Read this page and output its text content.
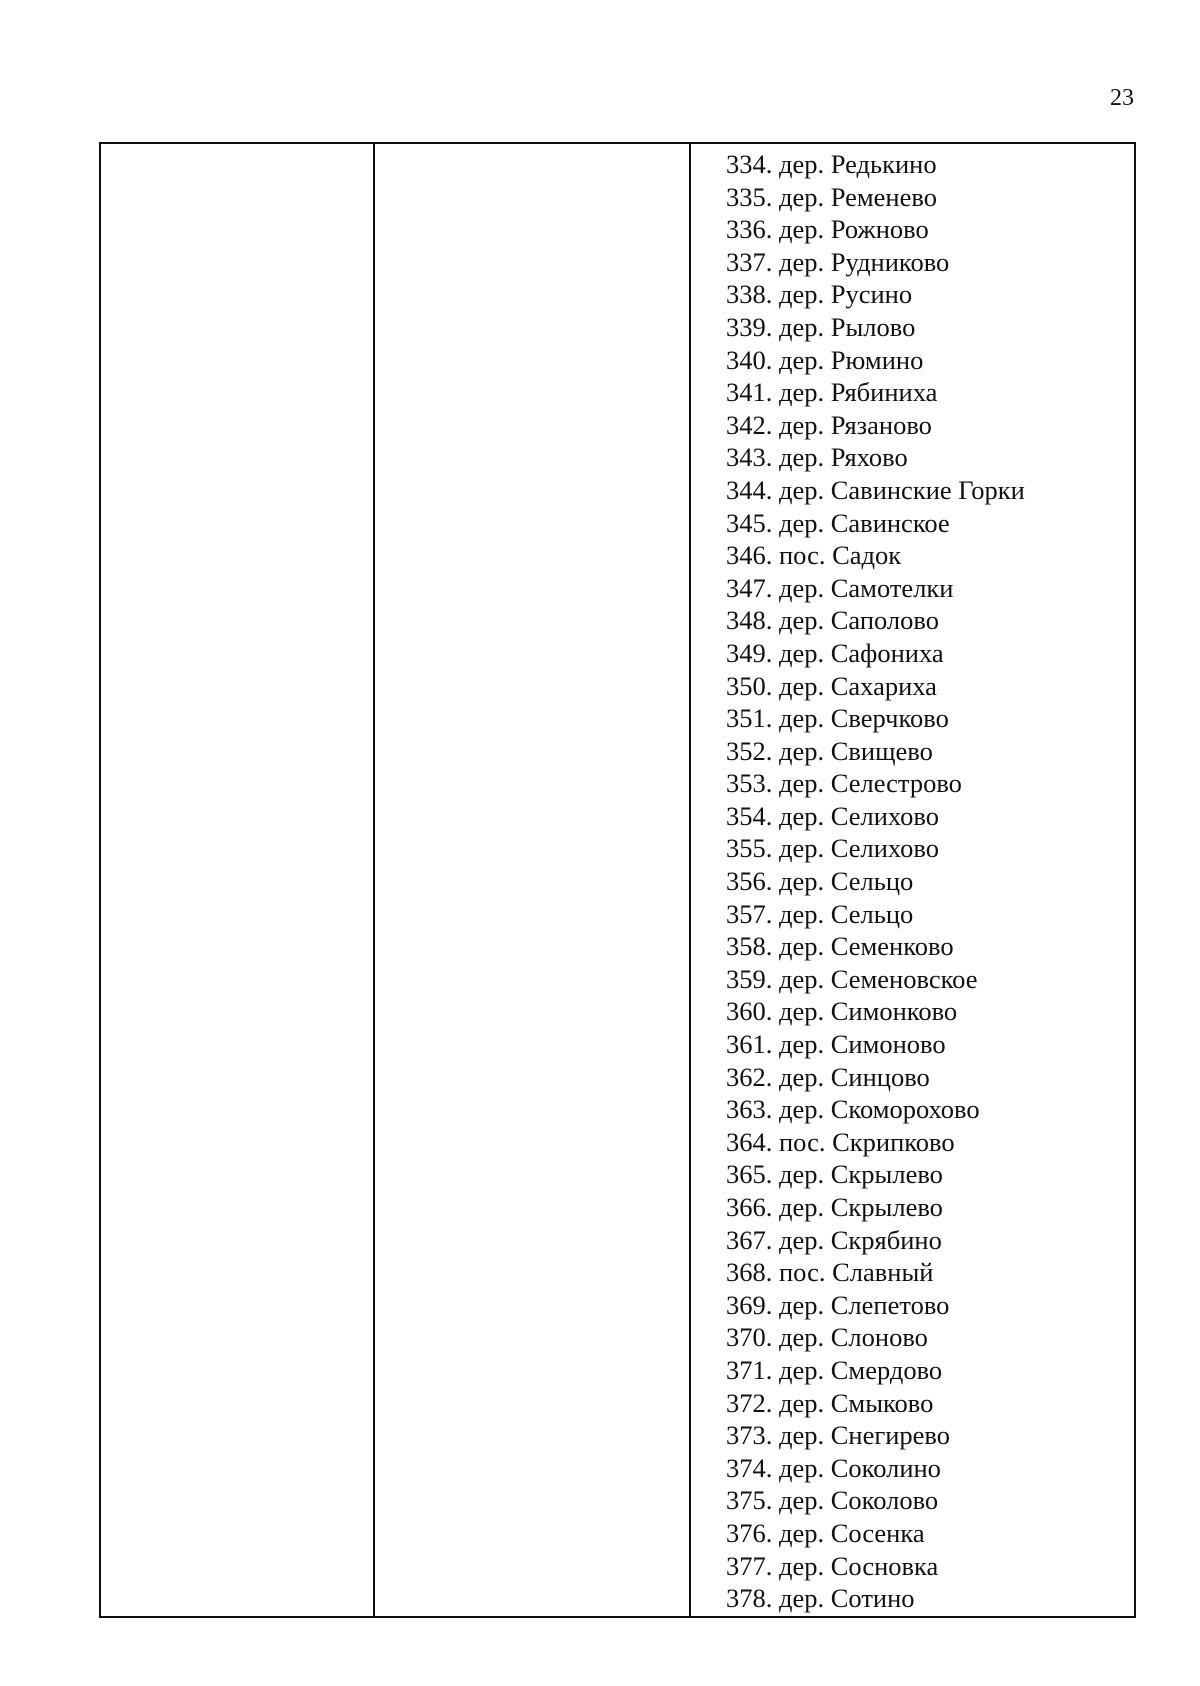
23
334. дер. Редькино
335. дер. Ременево
336. дер. Рожново
337. дер. Рудниково
338. дер. Русино
339. дер. Рылово
340. дер. Рюмино
341. дер. Рябиниха
342. дер. Рязаново
343. дер. Ряхово
344. дер. Савинские Горки
345. дер. Савинское
346. пос. Садок
347. дер. Самотелки
348. дер. Саполово
349. дер. Сафониха
350. дер. Сахариха
351. дер. Сверчково
352. дер. Свищево
353. дер. Селестрово
354. дер. Селихово
355. дер. Селихово
356. дер. Сельцо
357. дер. Сельцо
358. дер. Семенково
359. дер. Семеновское
360. дер. Симонково
361. дер. Симоново
362. дер. Синцово
363. дер. Скоморохово
364. пос. Скрипково
365. дер. Скрылево
366. дер. Скрылево
367. дер. Скрябино
368. пос. Славный
369. дер. Слепетово
370. дер. Слоново
371. дер. Смердово
372. дер. Смыково
373. дер. Снегирево
374. дер. Соколино
375. дер. Соколово
376. дер. Сосенка
377. дер. Сосновка
378. дер. Сотино
